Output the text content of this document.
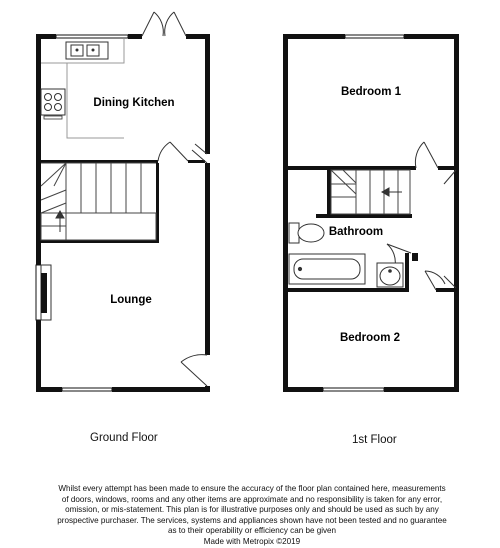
Dining Kitchen
Lounge
Bedroom 1
Bathroom
Bedroom 2
Ground Floor	1st Floor
Whilst every attempt has been made to ensure the accuracy of the floor plan contained here, measurements
of doors, windows, rooms and any other items are approximate and no responsibility is taken for any error,
omission, or mis-statement. This plan is for illustrative purposes only and should be used as such by any
prospective purchaser. The services, systems and appliances shown have not been tested and no guarantee
as to their operability or efficiency can be given
Made with Metropix ©2019
